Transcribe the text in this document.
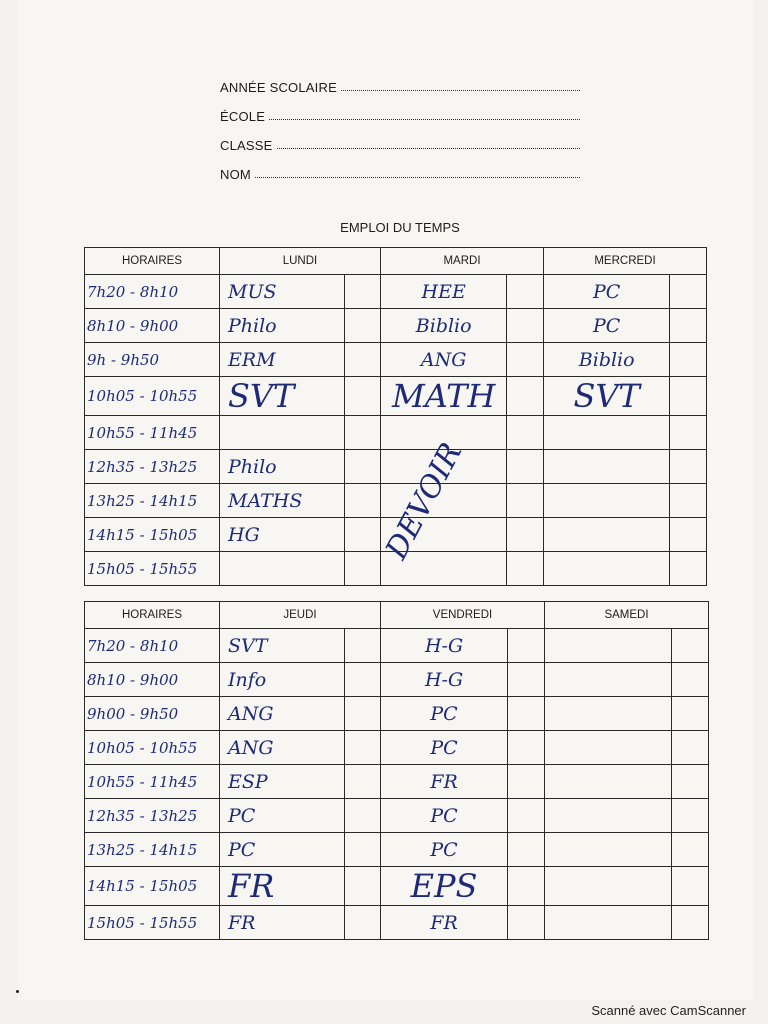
ANNÉE SCOLAIRE
ÉCOLE
CLASSE
NOM
EMPLOI DU TEMPS
HORAIRES	LUNDI	MARDI	MERCREDI
7h20 - 8h10	MUS	HEE	PC

8h10 - 9h00	Philo	Biblio	PC

9h - 9h50	ERM	ANG	Biblio

10h05 - 10h55	SVT	MATH	SVT

10h55 - 11h45	

12h35 - 13h25	Philo		

13h25 - 14h15	MATHS		

14h15 - 15h05	HG		

15h05 - 15h55	

DEVOIR
HORAIRES	JEUDI	VENDREDI	SAMEDI
7h20 - 8h10	SVT	H-G	

8h10 - 9h00	Info	H-G	

9h00 - 9h50	ANG	PC	

10h05 - 10h55	ANG	PC	

10h55 - 11h45	ESP	FR	

12h35 - 13h25	PC	PC	

13h25 - 14h15	PC	PC	

14h15 - 15h05	FR	EPS	

15h05 - 15h55	FR	FR	

Scanné avec CamScanner
